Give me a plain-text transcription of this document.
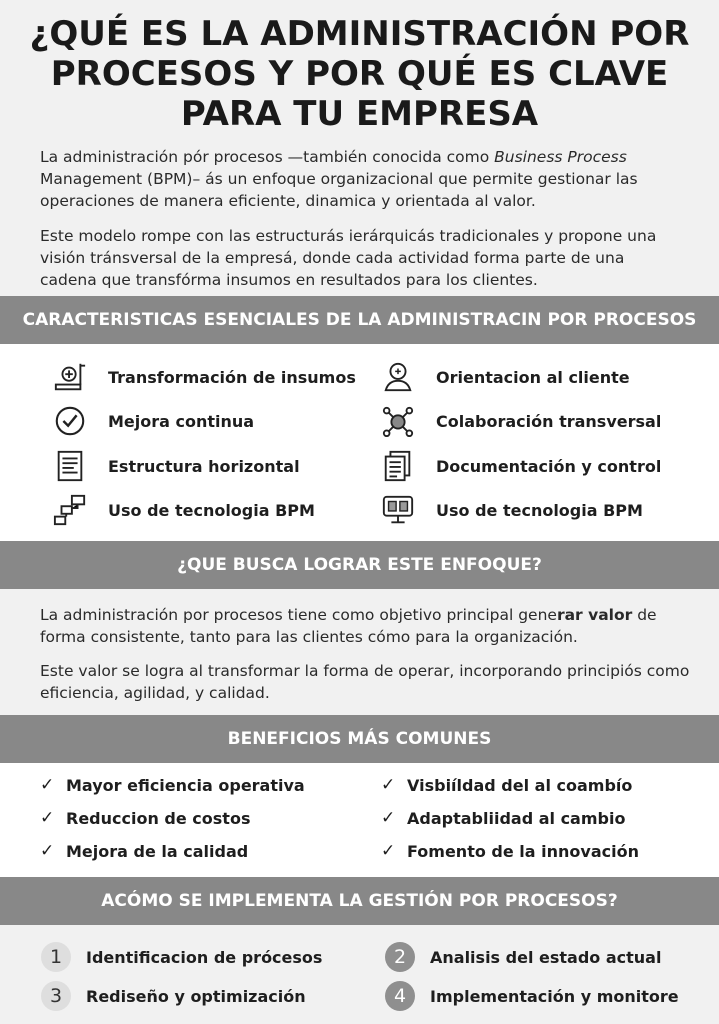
¿QUÉ ES LA ADMINISTRACIÓN POR
PROCESOS Y POR QUÉ ES CLAVE
PARA TU EMPRESA

La administración pór procesos —también conocida como Business Process Management (BPM)– ás un enfoque organizacional que permite gestionar las operaciones de manera eficiente, dinamica y orientada al valor.

Este modelo rompe con las estructurás ierárquicás tradicionales y propone una visión tránsversal de la empresá, donde cada actividad forma parte de una cadena que transfórma insumos en resultados para los clientes.

CARACTERISTICAS ESENCIALES DE LA ADMINISTRACIN POR PROCESOS
Transformación de insumos	Orientacion al cliente
Mejora continua	Colaboración transversal
Estructura horizontal	Documentación y control
Uso de tecnologia BPM	Uso de tecnologia BPM
¿QUE BUSCA LOGRAR ESTE ENFOQUE?

La administración por procesos tiene como objetivo principal generar valor de forma consistente, tanto para las clientes cómo para la organización.

Este valor se logra al transformar la forma de operar, incorporando principiós como eficiencia, agilidad, y calidad.

BENEFICIOS MÁS COMUNES
✓ Mayor eficiencia operativa	✓ Visbiíldad del al coambío
✓ Reduccion de costos	✓ Adaptabliidad al cambio
✓ Mejora de la calidad	✓ Fomento de la innovación
ACÓMO SE IMPLEMENTA LA GESTIÓN POR PROCESOS?
1	Identificacion de prócesos	2	Analisis del estado actual
3	Rediseño y optimización	4	Implementación y monitore
